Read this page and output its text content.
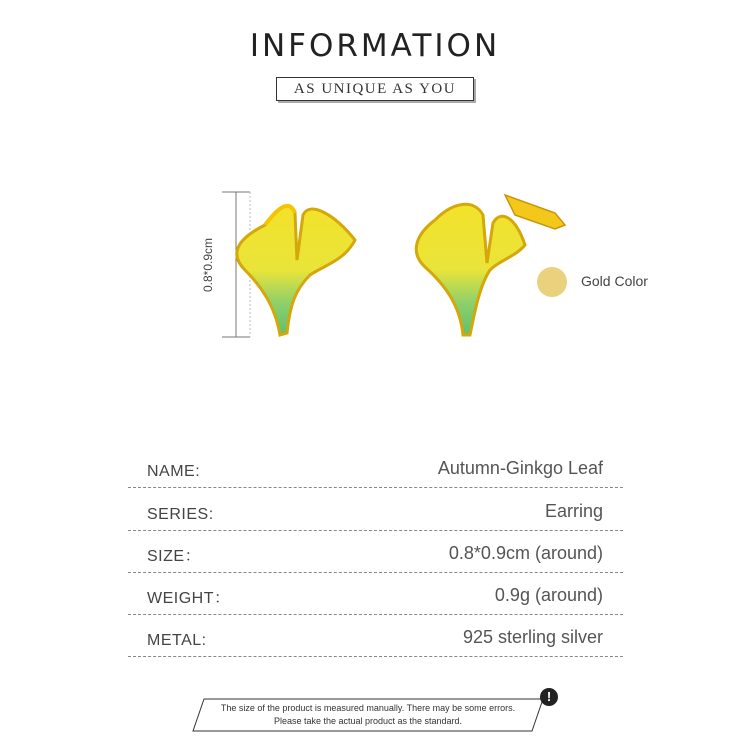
INFORMATION
AS UNIQUE AS YOU
0.8*0.9cm	Gold Color
NAME:	Autumn-Ginkgo Leaf
SERIES:	Earring
SIZE：	0.8*0.9cm (around)
WEIGHT：	0.9g (around)
METAL:	925 sterling silver
The size of the product is measured manually. There may be some errors.
Please take the actual product as the standard.
!
